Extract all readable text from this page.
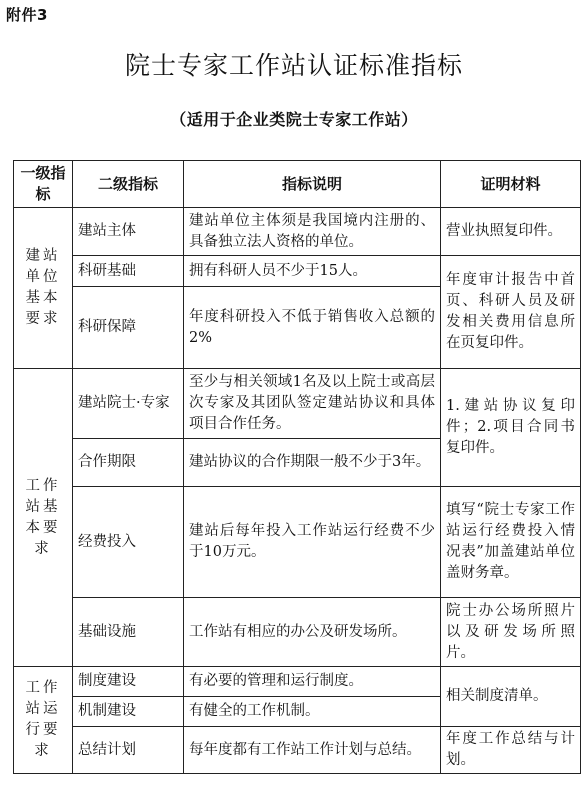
附件3
院士专家工作站认证标准指标
（适用于企业类院士专家工作站）
一级指标	二级指标	指标说明	证明材料
建站单位基本要求	建站主体	建站单位主体须是我国境内注册的、具备独立法人资格的单位。	营业执照复印件。
	科研基础	拥有科研人员不少于15人。	年度审计报告中首页、科研人员及研发相关费用信息所在页复印件。
	科研保障	年度科研投入不低于销售收入总额的 2%	
工作站基本要求	建站院士·专家	至少与相关领域1名及以上院士或高层次专家及其团队签定建站协议和具体项目合作任务。	1.建站协议复印件；2.项目合同书复印件。
	合作期限	建站协议的合作期限一般不少于3年。	
	经费投入	建站后每年投入工作站运行经费不少于10万元。	填写“院士专家工作站运行经费投入情况表”加盖建站单位盖财务章。
	基础设施	工作站有相应的办公及研发场所。	院士办公场所照片以及研发场所照片。
工作站运行要求	制度建设	有必要的管理和运行制度。	相关制度清单。
	机制建设	有健全的工作机制。	
	总结计划	每年度都有工作站工作计划与总结。	年度工作总结与计划。
